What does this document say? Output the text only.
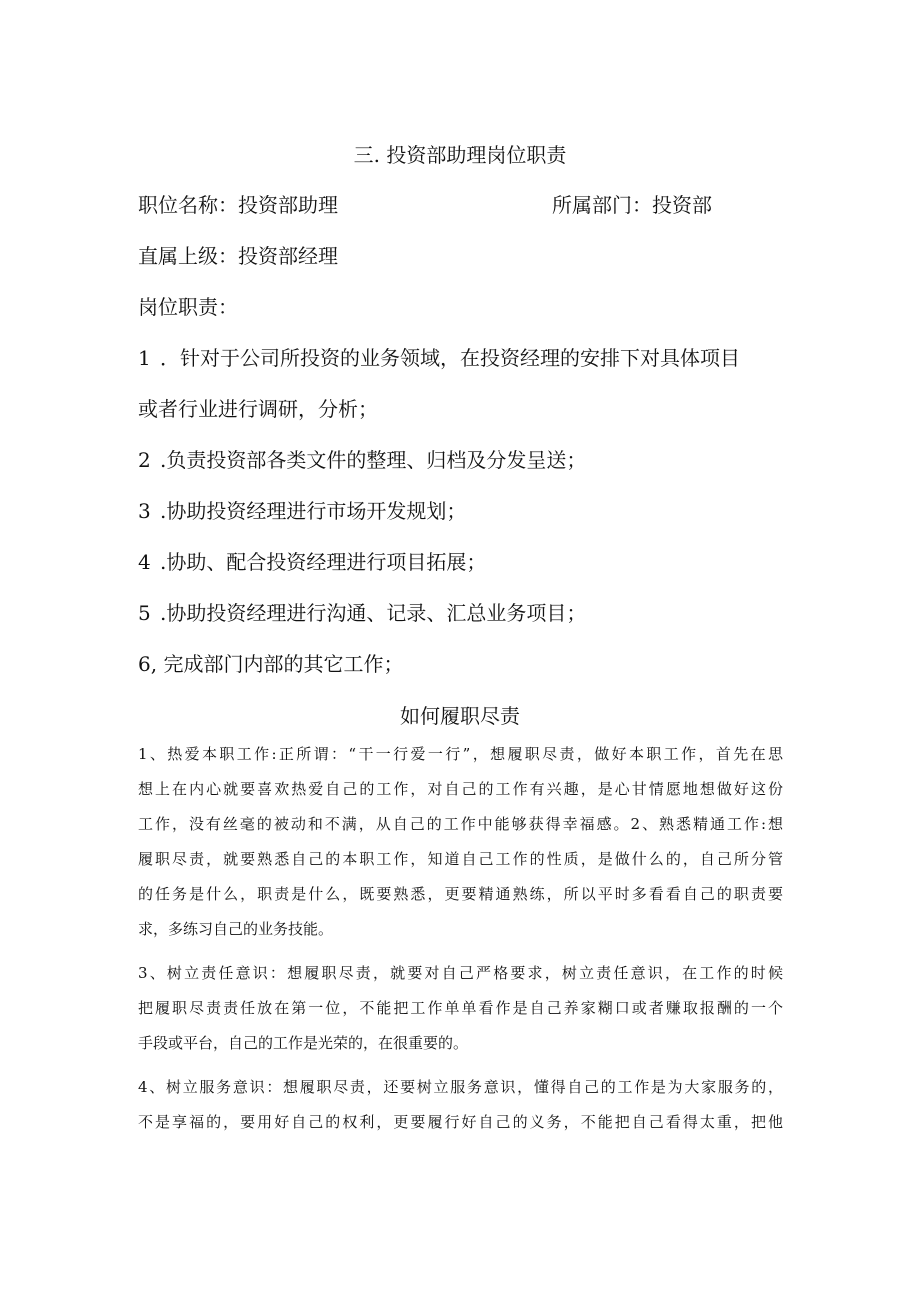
三. 投资部助理岗位职责
职位名称：投资部助理	所属部门：投资部
直属上级：投资部经理
岗位职责：
1 ．针对于公司所投资的业务领域，在投资经理的安排下对具体项目
或者行业进行调研，分析；
2 .负责投资部各类文件的整理、归档及分发呈送；
3 .协助投资经理进行市场开发规划；
4 .协助、配合投资经理进行项目拓展；
5 .协助投资经理进行沟通、记录、汇总业务项目；
6, 完成部门内部的其它工作；
如何履职尽责
1、热爱本职工作:正所谓：“干一行爱一行”，想履职尽责，做好本职工作，首先在思
想上在内心就要喜欢热爱自己的工作，对自己的工作有兴趣，是心甘情愿地想做好这份
工作，没有丝毫的被动和不满，从自己的工作中能够获得幸福感。2、熟悉精通工作:想
履职尽责，就要熟悉自己的本职工作，知道自己工作的性质，是做什么的，自己所分管
的任务是什么，职责是什么，既要熟悉，更要精通熟练，所以平时多看看自己的职责要
求，多练习自己的业务技能。
3、树立责任意识：想履职尽责，就要对自己严格要求，树立责任意识，在工作的时候
把履职尽责责任放在第一位，不能把工作单单看作是自己养家糊口或者赚取报酬的一个
手段或平台，自己的工作是光荣的，在很重要的。
4、树立服务意识：想履职尽责，还要树立服务意识，懂得自己的工作是为大家服务的，
不是享福的，要用好自己的权利，更要履行好自己的义务，不能把自己看得太重，把他
